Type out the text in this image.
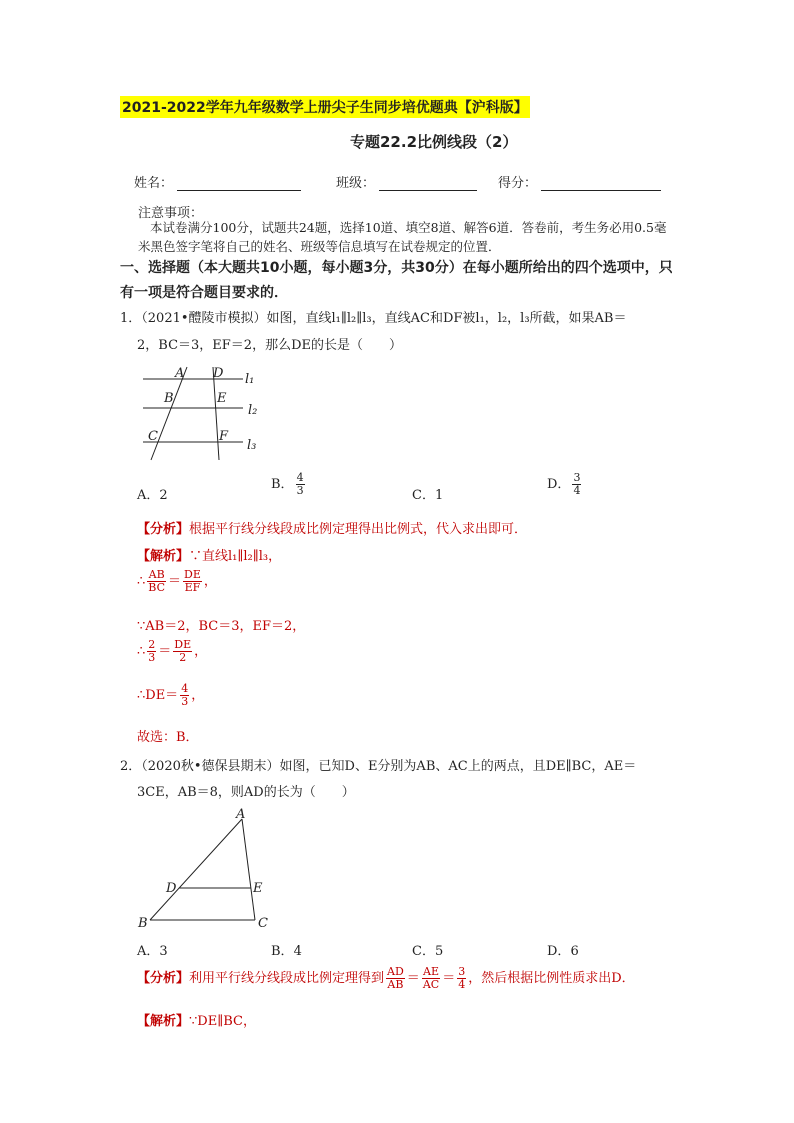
2021-2022学年九年级数学上册尖子生同步培优题典【沪科版】
专题22.2比例线段（2）
姓名：	班级：	得分：
注意事项：
本试卷满分100分，试题共24题，选择10道、填空8道、解答6道．答卷前，考生务必用0.5毫米黑色签字笔将自己的姓名、班级等信息填写在试卷规定的位置．
一、选择题（本大题共10小题，每小题3分，共30分）在每小题所给出的四个选项中，只有一项是符合题目要求的．
1．（2021•醴陵市模拟）如图，直线l₁∥l₂∥l₃，直线AC和DF被l₁，l₂，l₃所截，如果AB＝
2，BC＝3，EF＝2，那么DE的长是（　　）
A
B
C
D
E
F
l₁
l₂
l₃
A．2
B． $\frac{4}{3}$	C．1
D． $\frac{3}{4}$
【分析】根据平行线分线段成比例定理得出比例式，代入求出即可．
【解析】∵直线l₁∥l₂∥l₃，
∴ $\frac{AB}{BC} = \frac{DE}{EF}$ ，
∵AB＝2，BC＝3，EF＝2，
∴ $\frac{2}{3} = \frac{DE}{2}$ ，
∴DE＝ $\frac{4}{3}$ ，
故选：B．
2．（2020秋•德保县期末）如图，已知D、E分别为AB、AC上的两点，且DE∥BC，AE＝
3CE，AB＝8，则AD的长为（　　）
A
B	C
D	E
A．3	B．4	C．5	D．6
【分析】利用平行线分线段成比例定理得到 $\frac{AD}{AB} = \frac{AE}{AC} = \frac{3}{4}$ ，然后根据比例性质求出D．
【解析】∵DE∥BC，
